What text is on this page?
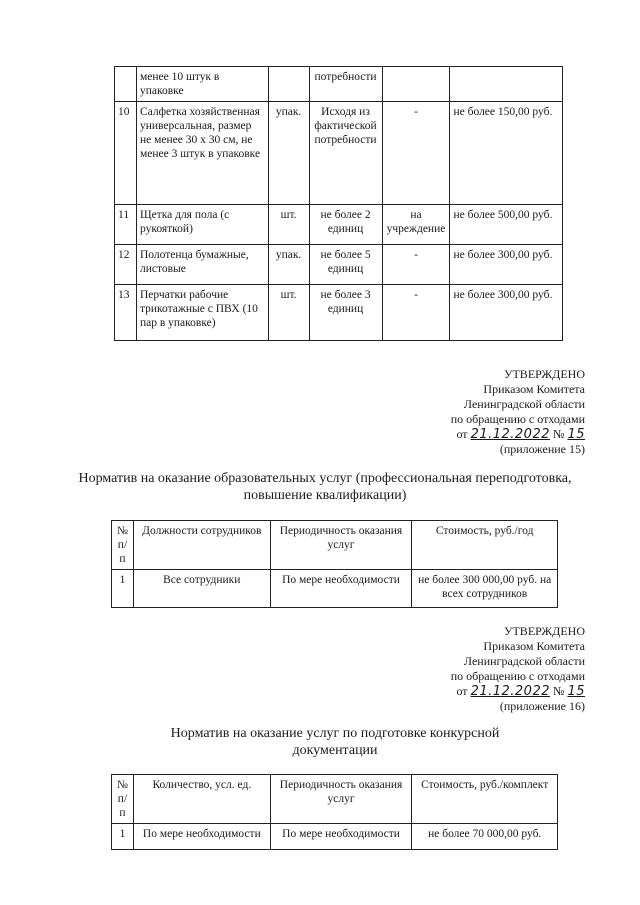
	менее 10 штук в упаковке		потребности		
10	Салфетка хозяйственная универсальная, размер не менее 30 х 30 см, не менее 3 штук в упаковке	упак.	Исходя из фактической потребности	-	не более 150,00 руб.
11	Щетка для пола (с рукояткой)	шт.	не более 2 единиц	на учреждение	не более 500,00 руб.
12	Полотенца бумажные, листовые	упак.	не более 5 единиц	-	не более 300,00 руб.
13	Перчатки рабочие трикотажные с ПВХ (10 пар в упаковке)	шт.	не более 3 единиц	-	не более 300,00 руб.
УТВЕРЖДЕНО
Приказом Комитета
Ленинградской области
по обращению с отходами
от 21.12.2022 № 15
(приложение 15)
Норматив на оказание образовательных услуг (профессиональная переподготовка,
повышение квалификации)
№ п/п	Должности сотрудников	Периодичность оказания услуг	Стоимость, руб./год
1	Все сотрудники	По мере необходимости	не более 300 000,00 руб. на всех сотрудников
УТВЕРЖДЕНО
Приказом Комитета
Ленинградской области
по обращению с отходами
от 21.12.2022 № 15
(приложение 16)
Норматив на оказание услуг по подготовке конкурсной
документации
№ п/п	Количество, усл. ед.	Периодичность оказания услуг	Стоимость, руб./комплект
1	По мере необходимости	По мере необходимости	не более 70 000,00 руб.
